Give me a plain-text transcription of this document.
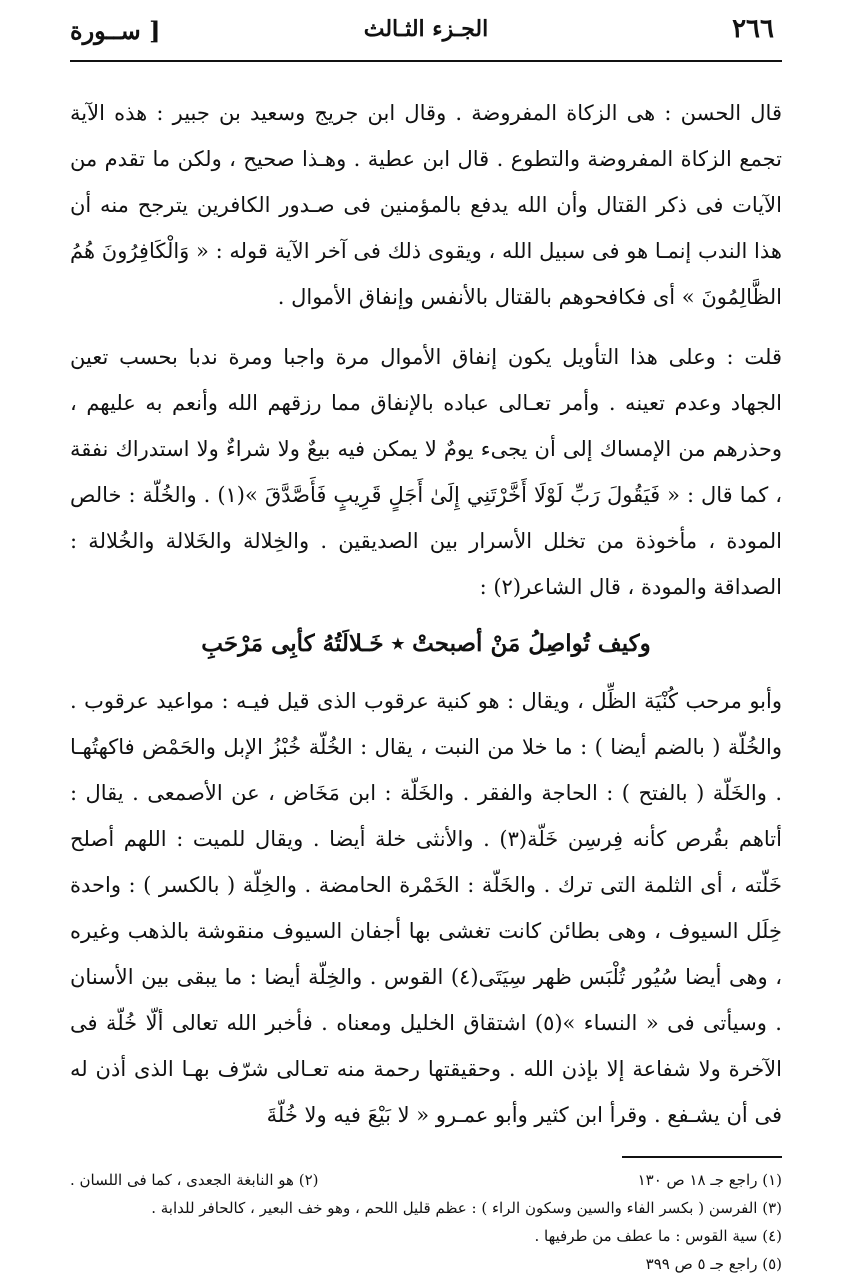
٢٦٦
الجـزء الثـالث
[ ســورة

قال الحسن : هى الزكاة المفروضة . وقال ابن جريج وسعيد بن جبير : هذه الآية تجمع الزكاة المفروضة والتطوع . قال ابن عطية . وهـذا صحيح ، ولكن ما تقدم من الآيات فى ذكر القتال وأن الله يدفع بالمؤمنين فى صـدور الكافرين يترجح منه أن هذا الندب إنمـا هو فى سبيل الله ، ويقوى ذلك فى آخر الآية قوله : « وَالْكَافِرُونَ هُمُ الظَّالِمُونَ » أى فكافحوهم بالقتال بالأنفس وإنفاق الأموال .

قلت : وعلى هذا التأويل يكون إنفاق الأموال مرة واجبا ومرة ندبا بحسب تعين الجهاد وعدم تعينه . وأمر تعـالى عباده بالإنفاق مما رزقهم الله وأنعم به عليهم ، وحذرهم من الإمساك إلى أن يجىء يومٌ لا يمكن فيه بيعٌ ولا شراءٌ ولا استدراك نفقة ، كما قال : « فَيَقُولَ رَبِّ لَوْلَا أَخَّرْتَنِي إِلَىٰ أَجَلٍ قَرِيبٍ فَأَصَّدَّقَ »(١) . والخُلّة : خالص المودة ، مأخوذة من تخلل الأسرار بين الصديقين . والخِلالة والخَلالة والخُلالة : الصداقة والمودة ، قال الشاعر(٢) :

وكيف تُواصِلُ مَنْ أصبحتْ ٭ خَـلالَتُهُ كأبِى مَرْحَبِ

وأبو مرحب كُنْيَة الظِّل ، ويقال : هو كنية عرقوب الذى قيل فيـه : مواعيد عرقوب . والخُلّة ( بالضم أيضا ) : ما خلا من النبت ، يقال : الخُلّة خُبْزُ الإبل والحَمْض فاكهتُهـا . والخَلّة ( بالفتح ) : الحاجة والفقر . والخَلّة : ابن مَخَاض ، عن الأصمعى . يقال : أتاهم بقُرص كأنه فِرسِن خَلّة(٣) . والأنثى خلة أيضا . ويقال للميت : اللهم أصلح خَلّته ، أى الثلمة التى ترك . والخَلّة : الخَمْرة الحامضة . والخِلّة ( بالكسر ) : واحدة خِلَل السيوف ، وهى بطائن كانت تغشى بها أجفان السيوف منقوشة بالذهب وغيره ، وهى أيضا سُيُور تُلْبَس ظهر سِيَتَى(٤) القوس . والخِلّة أيضا : ما يبقى بين الأسنان . وسيأتى فى « النساء »(٥) اشتقاق الخليل ومعناه . فأخبر الله تعالى ألّا خُلّة فى الآخرة ولا شفاعة إلا بإذن الله . وحقيقتها رحمة منه تعـالى شرّف بهـا الذى أذن له فى أن يشـفع . وقرأ ابن كثير وأبو عمـرو « لا بَيْعَ فيه ولا خُلّةَ

(١) راجع جـ ١٨ ص ١٣٠
(٢) هو النابغة الجعدى ، كما فى اللسان .
(٣) الفرسن ( بكسر الفاء والسين وسكون الراء ) : عظم قليل اللحم ، وهو خف البعير ، كالحافر للدابة .
(٤) سية القوس : ما عطف من طرفيها .
(٥) راجع جـ ٥ ص ٣٩٩
